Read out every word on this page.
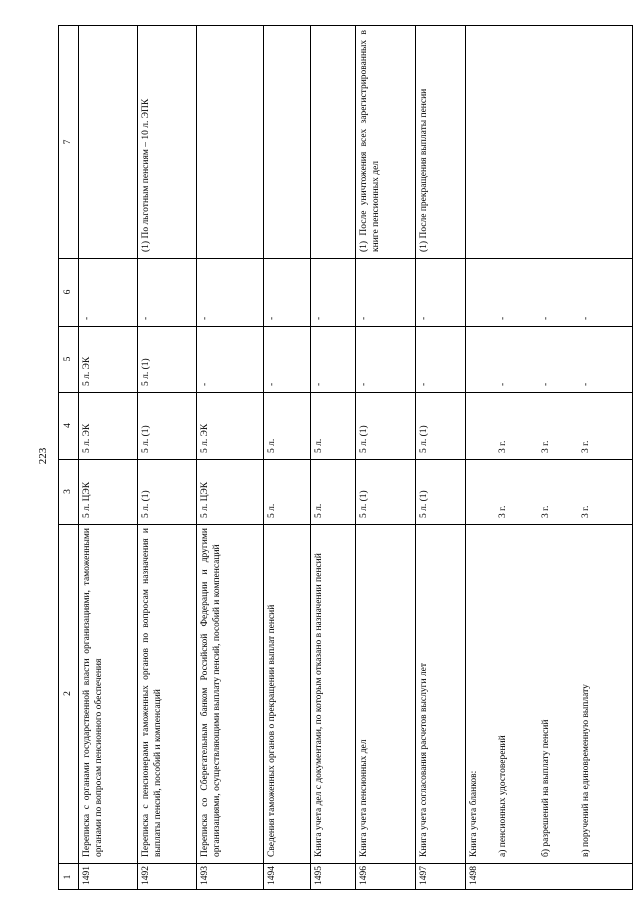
223
1
2
3
4
5
6
7
1491
Переписка с органами государственной власти организациями, таможенными органами по вопросам пенсионного обеспечения
5 л. ЦЭК
5 л. ЭК
5 л. ЭК
-
1492
Переписка с пенсионерами таможенных органов по вопросам назначения и выплаты пенсий, пособий и компенсаций
5 л. (1)
5 л. (1)
5 л. (1)
-
(1) По льготным пенсиям – 10 л. ЭПК
1493
Переписка со Сберегательным банком Российской Федерации и другими организациями, осуществляющими выплату пенсий, пособий и компенсаций
5 л. ЦЭК
5 л. ЭК
-
-
1494
Сведения таможенных органов о прекращении выплат пенсий
5 л.
5 л.
-
-
1495
Книга учета дел с документами, по которым отказано в назначении пенсий
5 л.
5 л.
-
-
1496
Книга учета пенсионных дел
5 л. (1)
5 л. (1)
-
-
(1) После уничтожения всех зарегистрированных в книге пенсионных дел
1497
Книга учета согласования расчетов выслуги лет
5 л. (1)
5 л. (1)
-
-
(1) После прекращения выплаты пенсии
1498
Книга учета бланков:	а) пенсионных удостоверений
3 г.
3 г.
-
-
б) разрешений на выплату пенсий
3 г.
3 г.
-
-
в) поручений на единовременную выплату
3 г.
3 г.
-
-
